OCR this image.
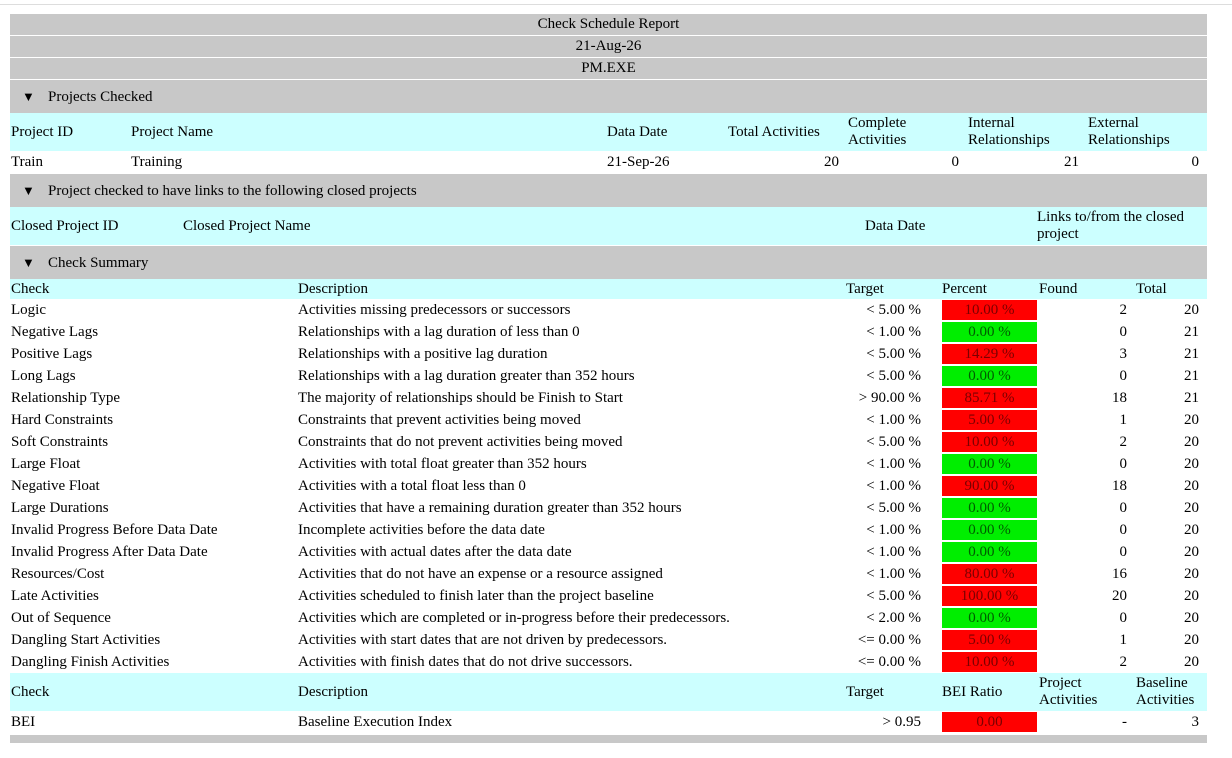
Check Schedule Report
21-Aug-26
PM.EXE
▼ Projects Checked
Project ID	Project Name	Data Date	Total Activities	Complete Activities	Internal Relationships	External Relationships
Train	Training	21-Sep-26	20	0	21	0
▼ Project checked to have links to the following closed projects
Closed Project ID	Closed Project Name	Data Date	Links to/from the closed project
▼ Check Summary
Check	Description	Target	Percent	Found	Total
Logic	Activities missing predecessors or successors	< 5.00 %	10.00 %	2	20
Negative Lags	Relationships with a lag duration of less than 0	< 1.00 %	0.00 %	0	21
Positive Lags	Relationships with a positive lag duration	< 5.00 %	14.29 %	3	21
Long Lags	Relationships with a lag duration greater than 352 hours	< 5.00 %	0.00 %	0	21
Relationship Type	The majority of relationships should be Finish to Start	> 90.00 %	85.71 %	18	21
Hard Constraints	Constraints that prevent activities being moved	< 1.00 %	5.00 %	1	20
Soft Constraints	Constraints that do not prevent activities being moved	< 5.00 %	10.00 %	2	20
Large Float	Activities with total float greater than 352 hours	< 1.00 %	0.00 %	0	20
Negative Float	Activities with a total float less than 0	< 1.00 %	90.00 %	18	20
Large Durations	Activities that have a remaining duration greater than 352 hours	< 5.00 %	0.00 %	0	20
Invalid Progress Before Data Date	Incomplete activities before the data date	< 1.00 %	0.00 %	0	20
Invalid Progress After Data Date	Activities with actual dates after the data date	< 1.00 %	0.00 %	0	20
Resources/Cost	Activities that do not have an expense or a resource assigned	< 1.00 %	80.00 %	16	20
Late Activities	Activities scheduled to finish later than the project baseline	< 5.00 %	100.00 %	20	20
Out of Sequence	Activities which are completed or in-progress before their predecessors.	< 2.00 %	0.00 %	0	20
Dangling Start Activities	Activities with start dates that are not driven by predecessors.	<= 0.00 %	5.00 %	1	20
Dangling Finish Activities	Activities with finish dates that do not drive successors.	<= 0.00 %	10.00 %	2	20
Check	Description	Target	BEI Ratio	Project Activities	Baseline Activities
BEI	Baseline Execution Index	> 0.95	0.00	-	3
